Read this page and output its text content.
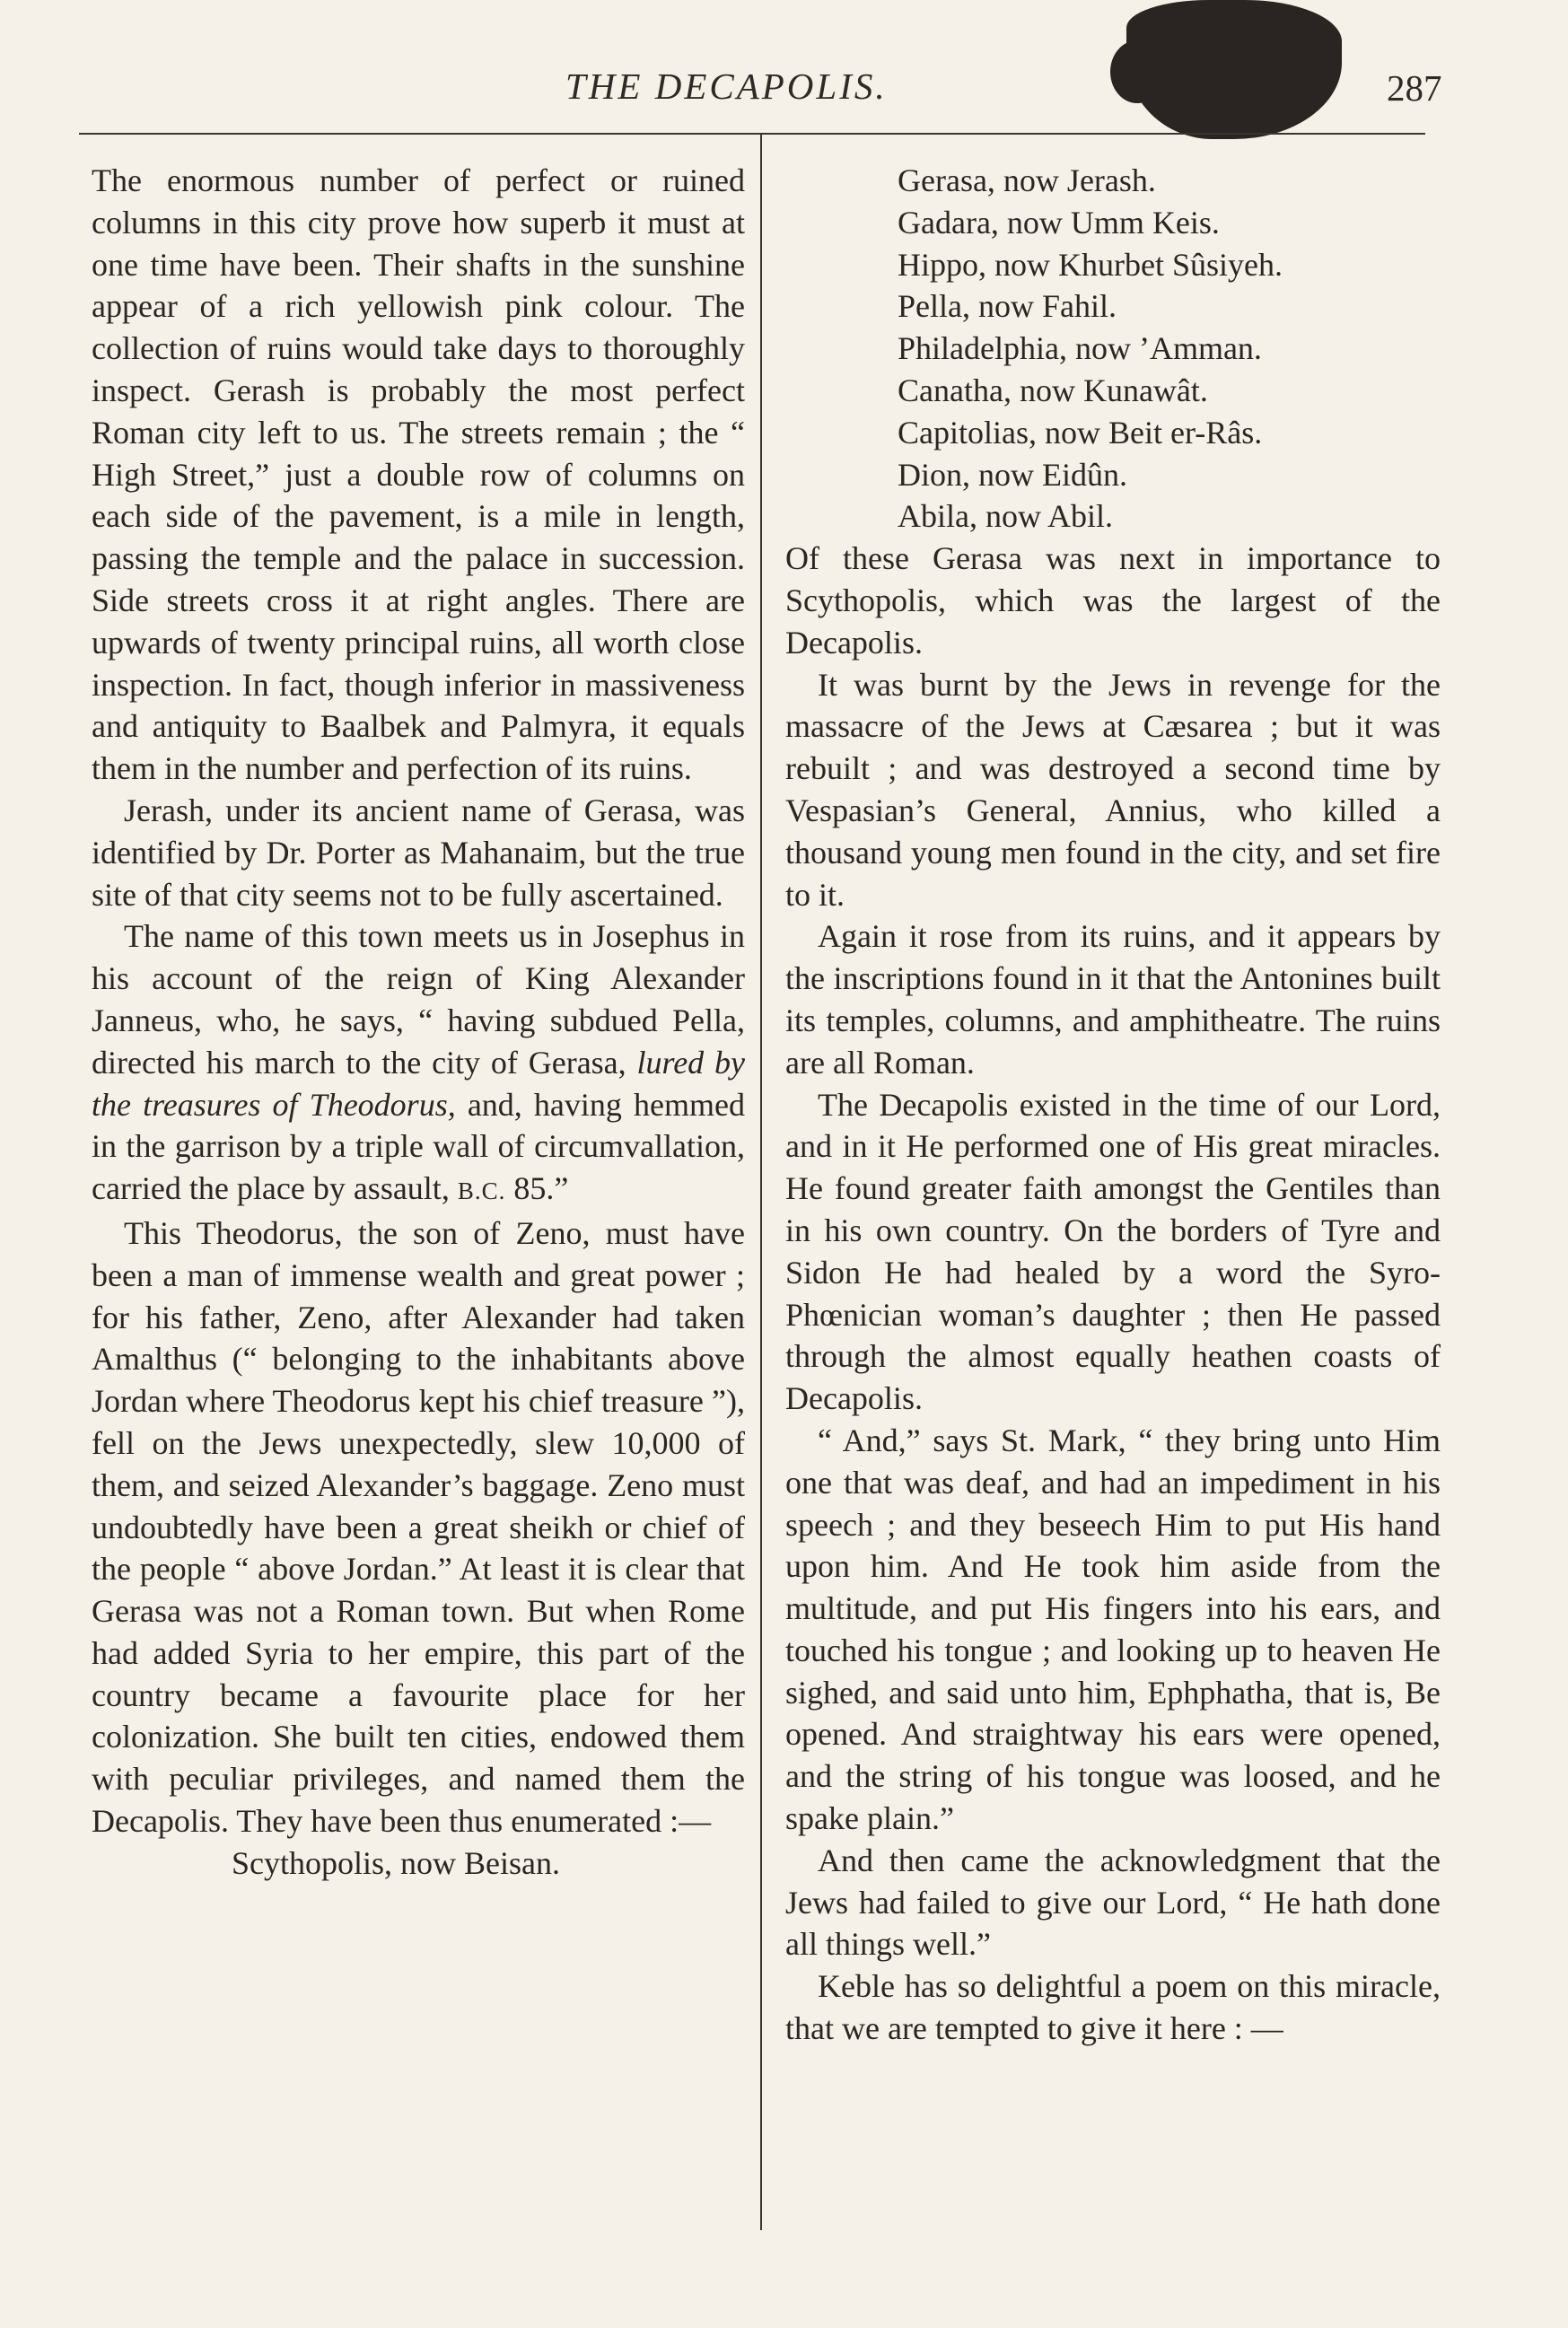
THE DECAPOLIS.	287

The enormous number of perfect or ruined columns in this city prove how superb it must at one time have been. Their shafts in the sunshine appear of a rich yellowish pink colour. The collection of ruins would take days to thoroughly inspect. Gerash is probably the most perfect Roman city left to us. The streets remain ; the “ High Street,” just a double row of columns on each side of the pavement, is a mile in length, passing the temple and the palace in succession. Side streets cross it at right angles. There are upwards of twenty principal ruins, all worth close inspection. In fact, though inferior in massiveness and antiquity to Baalbek and Palmyra, it equals them in the number and perfection of its ruins.

Jerash, under its ancient name of Gerasa, was identified by Dr. Porter as Mahanaim, but the true site of that city seems not to be fully ascertained.

The name of this town meets us in Josephus in his account of the reign of King Alexander Janneus, who, he says, “ having subdued Pella, directed his march to the city of Gerasa, lured by the treasures of Theodorus, and, having hemmed in the garrison by a triple wall of circumvallation, carried the place by assault, B.C. 85.”

This Theodorus, the son of Zeno, must have been a man of immense wealth and great power ; for his father, Zeno, after Alexander had taken Amalthus (“ belonging to the inhabitants above Jordan where Theodorus kept his chief treasure ”), fell on the Jews unexpectedly, slew 10,000 of them, and seized Alexander’s baggage. Zeno must undoubtedly have been a great sheikh or chief of the people “ above Jordan.” At least it is clear that Gerasa was not a Roman town. But when Rome had added Syria to her empire, this part of the country became a favourite place for her colonization. She built ten cities, endowed them with peculiar privileges, and named them the Decapolis. They have been thus enumerated :—

Scythopolis, now Beisan.

Gerasa, now Jerash.
Gadara, now Umm Keis.
Hippo, now Khurbet Sûsiyeh.
Pella, now Fahil.
Philadelphia, now ’Amman.
Canatha, now Kunawât.
Capitolias, now Beit er-Râs.
Dion, now Eidûn.
Abila, now Abil.

Of these Gerasa was next in importance to Scythopolis, which was the largest of the Decapolis.

It was burnt by the Jews in revenge for the massacre of the Jews at Cæsarea ; but it was rebuilt ; and was destroyed a second time by Vespasian’s General, Annius, who killed a thousand young men found in the city, and set fire to it.

Again it rose from its ruins, and it appears by the inscriptions found in it that the Antonines built its temples, columns, and amphitheatre. The ruins are all Roman.

The Decapolis existed in the time of our Lord, and in it He performed one of His great miracles. He found greater faith amongst the Gentiles than in his own country. On the borders of Tyre and Sidon He had healed by a word the Syro-Phœnician woman’s daughter ; then He passed through the almost equally heathen coasts of Decapolis.

“ And,” says St. Mark, “ they bring unto Him one that was deaf, and had an impediment in his speech ; and they beseech Him to put His hand upon him. And He took him aside from the multitude, and put His fingers into his ears, and touched his tongue ; and looking up to heaven He sighed, and said unto him, Ephphatha, that is, Be opened. And straightway his ears were opened, and the string of his tongue was loosed, and he spake plain.”

And then came the acknowledgment that the Jews had failed to give our Lord, “ He hath done all things well.”

Keble has so delightful a poem on this miracle, that we are tempted to give it here : —
